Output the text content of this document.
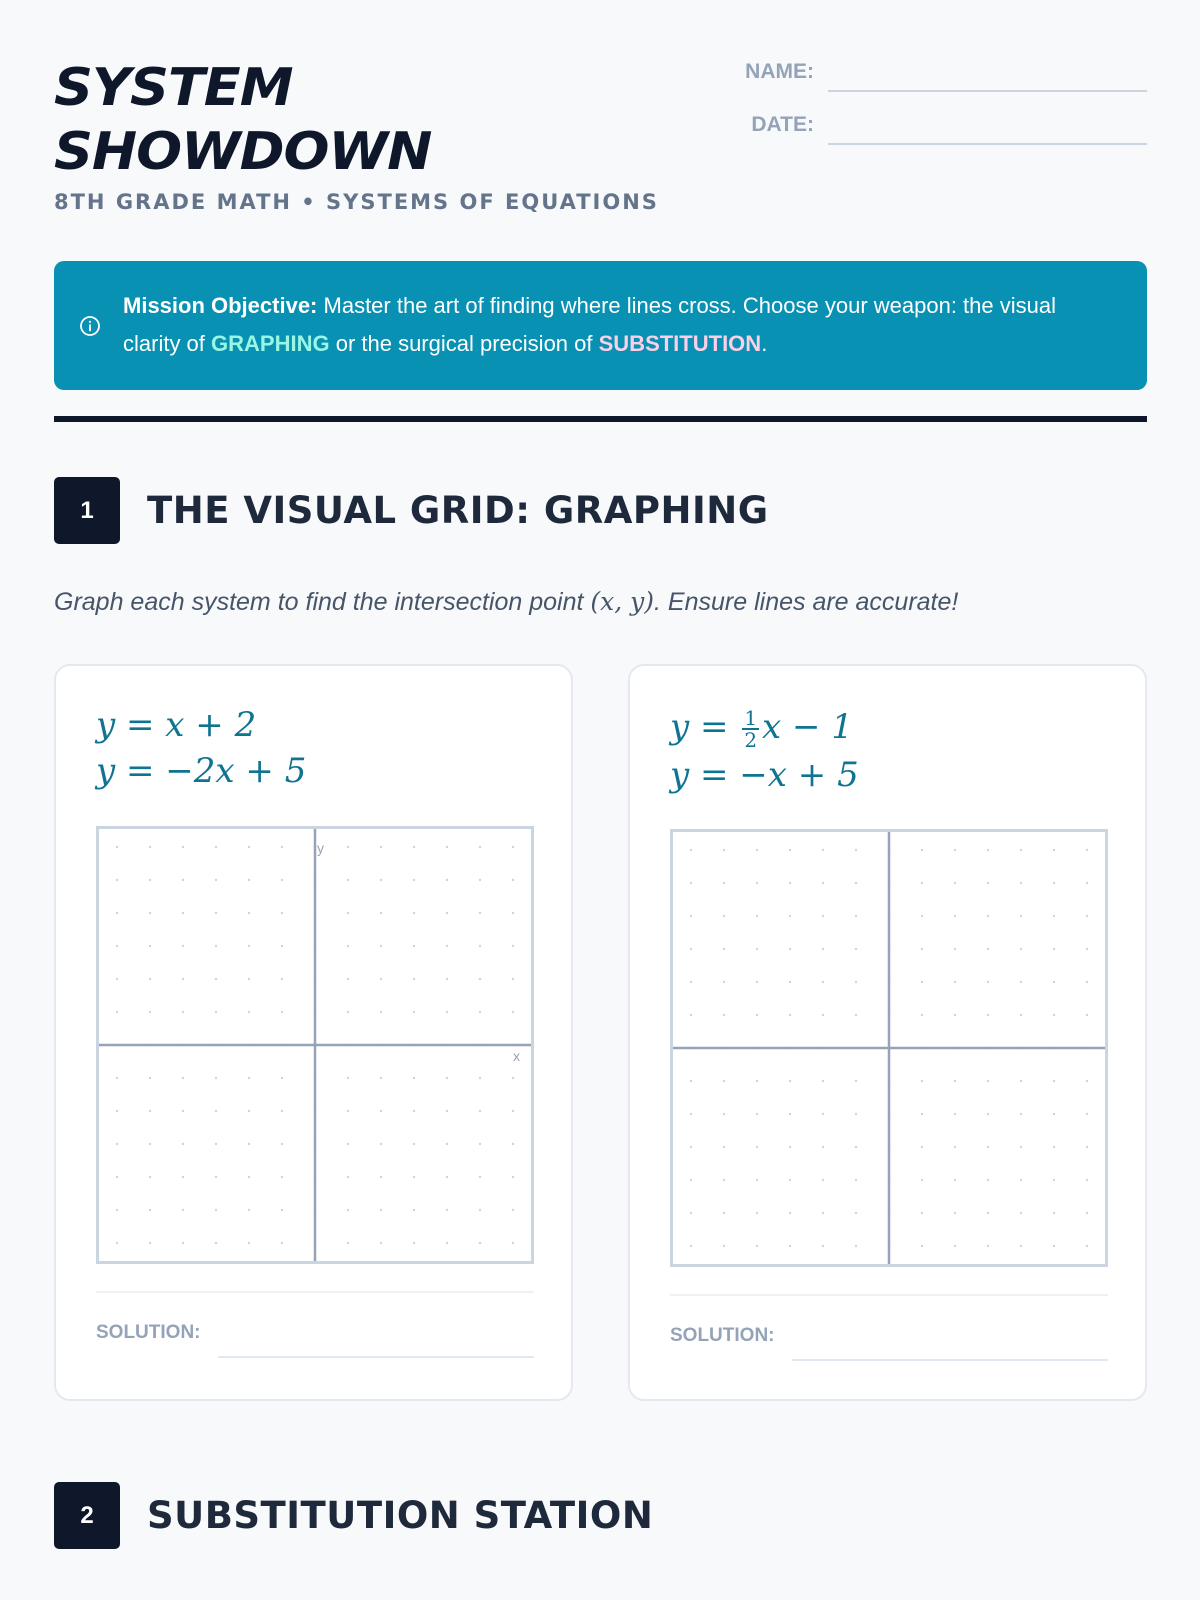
SYSTEM
SHOWDOWN
8TH GRADE MATH • SYSTEMS OF EQUATIONS
NAME:
DATE:
Mission Objective: Master the art of finding where lines cross. Choose your weapon: the visual clarity of GRAPHING or the surgical precision of SUBSTITUTION.
1	THE VISUAL GRID: GRAPHING
Graph each system to find the intersection point (x, y). Ensure lines are accurate!
y = x + 2
y = −2x + 5
y
x
SOLUTION:
$y = \frac{1}{2}$ x − 1
y = −x + 5
SOLUTION:
2	SUBSTITUTION STATION
